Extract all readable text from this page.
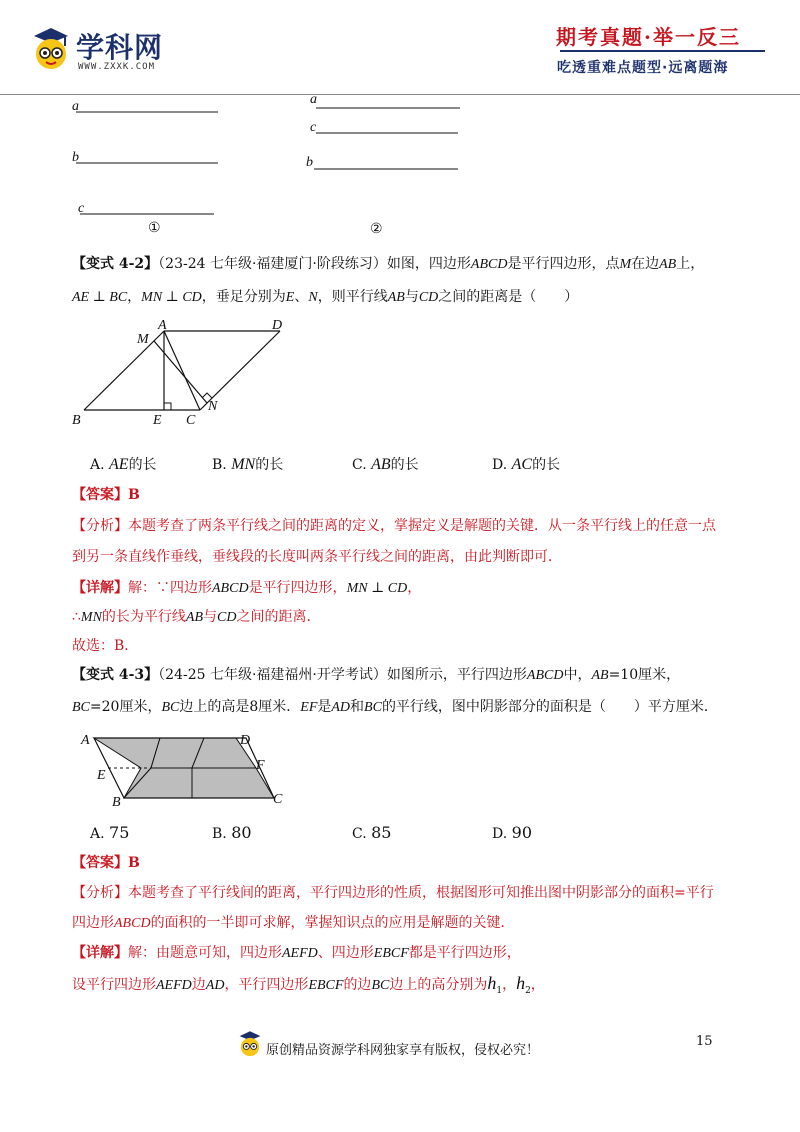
学科网
WWW.ZXXK.COM
期考真题·举一反三
吃透重难点题型·远离题海
a
b
c
①
a
c
b
②
【变式 4-2】（23-24 七年级·福建厦门·阶段练习）如图，四边形ABCD是平行四边形，点M在边AB上，
AE ⊥ BC，MN ⊥ CD，垂足分别为E、N，则平行线AB与CD之间的距离是（　　）
A	D
M
B	E C
N
A. AE的长	B. MN的长	C. AB的长	D. AC的长
【答案】B
【分析】本题考查了两条平行线之间的距离的定义，掌握定义是解题的关键．从一条平行线上的任意一点
到另一条直线作垂线，垂线段的长度叫两条平行线之间的距离，由此判断即可．
【详解】解：∵四边形ABCD是平行四边形，MN ⊥ CD，
∴MN的长为平行线AB与CD之间的距离．
故选：B．
【变式 4-3】（24-25 七年级·福建福州·开学考试）如图所示，平行四边形ABCD中，AB=10厘米，
BC=20厘米，BC边上的高是8厘米．EF是AD和BC的平行线，图中阴影部分的面积是（　　）平方厘米．
A	D
E
F
B	C
A. 75	B. 80	C. 85	D. 90
【答案】B
【分析】本题考查了平行线间的距离，平行四边形的性质，根据图形可知推出图中阴影部分的面积=平行
四边形ABCD的面积的一半即可求解，掌握知识点的应用是解题的关键．
【详解】解：由题意可知，四边形AEFD、四边形EBCF都是平行四边形，
设平行四边形AEFD边AD，平行四边形EBCF的边BC边上的高分别为$h_1$，$h_2$，
15
原创精品资源学科网独家享有版权，侵权必究！
